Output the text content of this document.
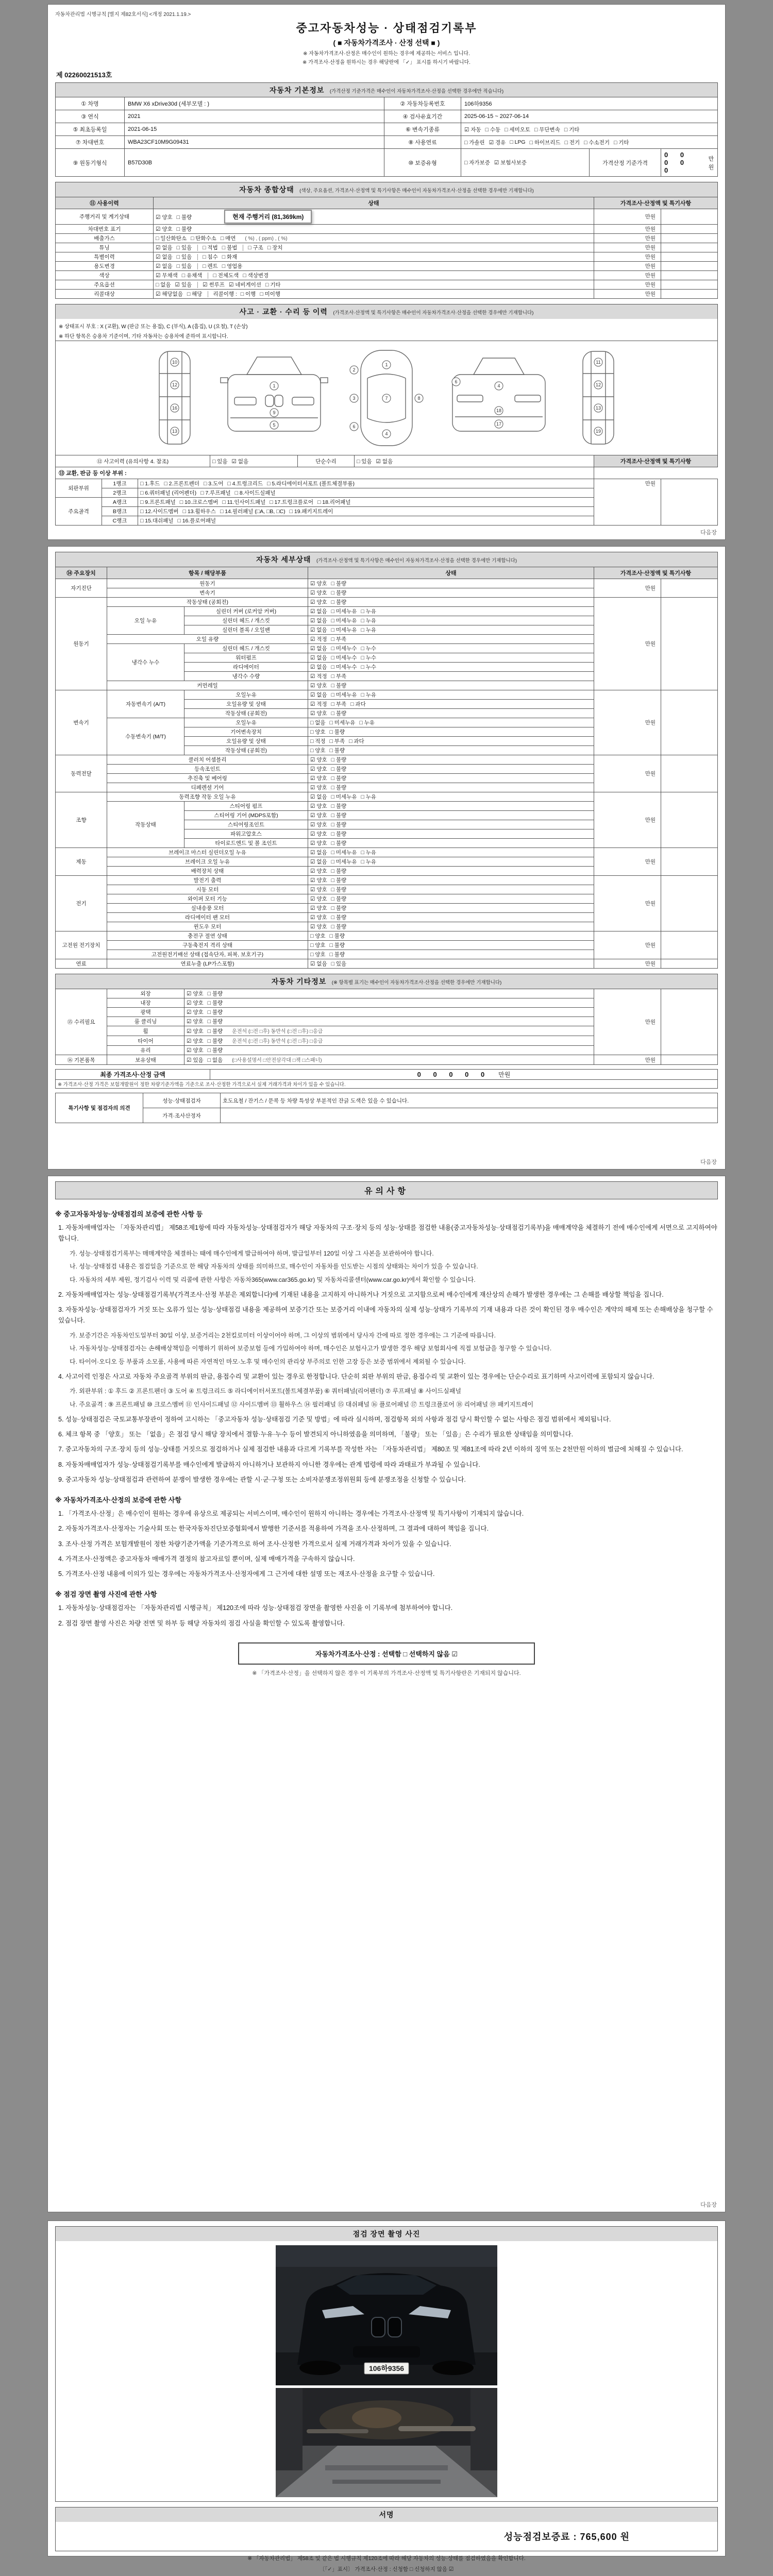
자동차관리법 시행규칙 [별지 제82호서식] <개정 2021.1.19.>
중고자동차성능 · 상태점검기록부
( ■ 자동차가격조사 · 산정 선택 ■ )
※ 자동차가격조사·산정은 매수인이 원하는 경우에 제공하는 서비스 입니다.
※ 가격조사·산정을 원하시는 경우 해당란에 「✓」 표시를 하시기 바랍니다.
제 02260021513호
자동차 기본정보 (가격산정 기준가격은 매수인이 자동차가격조사·산정을 선택한 경우에만 적습니다)
① 차명	BMW X6 xDrive30d (세부모델 : )	② 자동차등록번호	106하9356
③ 연식	2021	④ 검사유효기간	2025-06-15 ~ 2027-06-14
⑤ 최초등록일	2021-06-15	⑥ 변속기종류	☑ 자동 □ 수동 □ 세미오토 □ 무단변속 □ 기타
⑦ 차대번호	WBA23CF10M9G09431	⑧ 사용연료	□ 가솔린 ☑ 경유 □ LPG □ 하이브리드 □ 전기 □ 수소전기 □ 기타
⑨ 원동기형식	B57D30B	⑩ 보증유형	□ 자가보증 ☑ 보험사보증	가격산정 기준가격
0 0 0 0 0
만원
자동차 종합상태 (색상, 주요옵션, 가격조사·산정액 및 특기사항은 매수인이 자동차가격조사·산정을 선택한 경우에만 기재합니다)
⑪ 사용이력	상태	가격조사·산정액 및 특기사항	
주행거리 및 계기상태	☑ 양호 □ 불량 현재 주행거리 (81,369km)	만원	
차대번호 표기	☑ 양호 □ 불량	만원	
배출가스	□ 일산화탄소 □ 탄화수소 □ 매연 ( %) , ( ppm) , ( %)	만원	
튜닝	☑ 없음 □ 있음 □ 적법 □ 불법 □ 구조 □ 장치	만원	
특별이력	☑ 없음 □ 있음 □ 침수 □ 화재	만원	
용도변경	☑ 없음 □ 있음 □ 렌트 □ 영업용	만원	
색상	☑ 무채색 □ 유채색 □ 전체도색 □ 색상변경	만원	
주요옵션	□ 없음 ☑ 있음 ☑ 썬루프 ☑ 네비게이션 □ 기타	만원	
리콜대상	☑ 해당없음 □ 해당 리콜이행 : □ 이행 □ 미이행	만원	
사고 · 교환 · 수리 등 이력 (가격조사·산정액 및 특기사항은 매수인이 자동차가격조사·산정을 선택한 경우에만 기재합니다)
※ 상태표시 부호 : X (교환), W (판금 또는 용접), C (부식), A (흠집), U (요철), T (손상)
※ 하단 항목은 승용차 기준이며, 기타 자동차는 승용차에 준하여 표시합니다.
10
12
16
13
1
9
5
1
7
4
2
3
6
8
4
18
17
6
11
12
13
19
⑫ 사고이력 (유의사항 4. 참조)	□ 있음 ☑ 없음	단순수리	□ 있음 ☑ 없음	가격조사·산정액 및 특기사항
⑬ 교환, 판금 등 이상 부위 :				
외판부위	1랭크	□ 1.후드 □ 2.프론트펜더 □ 3.도어 □ 4.트렁크리드 □ 5.라디에이터서포트 (볼트체결부품)	만원	
	2랭크	□ 6.쿼터패널 (리어펜더) □ 7.루프패널 □ 8.사이드실패널		
주요골격	A랭크	□ 9.프론트패널 □ 10.크로스멤버 □ 11.인사이드패널 □ 17.트렁크플로어 □ 18.리어패널		
	B랭크	□ 12.사이드멤버 □ 13.휠하우스 □ 14.필러패널 (□A, □B, □C) □ 19.패키지트레이		
	C랭크	□ 15.대쉬패널 □ 16.플로어패널		
다음장
자동차 세부상태 (가격조사·산정액 및 특기사항은 매수인이 자동차가격조사·산정을 선택한 경우에만 기재합니다)
⑭ 주요장치	항목 / 해당부품		상태	가격조사·산정액 및 특기사항	
자기진단	원동기		☑ 양호 □ 불량	만원	
	변속기		☑ 양호 □ 불량		
원동기	작동상태 (공회전)		☑ 양호 □ 불량	만원	
	오일 누유	실린더 커버 (로커암 커버)	☑ 없음 □ 미세누유 □ 누유		
		실린더 헤드 / 개스킷	☑ 없음 □ 미세누유 □ 누유		
		실린더 블록 / 오일팬	☑ 없음 □ 미세누유 □ 누유		
	오일 유량		☑ 적정 □ 부족		
	냉각수 누수	실린더 헤드 / 개스킷	☑ 없음 □ 미세누수 □ 누수		
		워터펌프	☑ 없음 □ 미세누수 □ 누수		
		라디에이터	☑ 없음 □ 미세누수 □ 누수		
		냉각수 수량	☑ 적정 □ 부족		
	커먼레일		☑ 양호 □ 불량		
변속기	자동변속기 (A/T)	오일누유	☑ 없음 □ 미세누유 □ 누유	만원	
		오일유량 및 상태	☑ 적정 □ 부족 □ 과다		
		작동상태 (공회전)	☑ 양호 □ 불량		
	수동변속기 (M/T)	오일누유	□ 없음 □ 미세누유 □ 누유		
		기어변속장치	□ 양호 □ 불량		
		오일유량 및 상태	□ 적정 □ 부족 □ 과다		
		작동상태 (공회전)	□ 양호 □ 불량		
동력전달	클러치 어셈블리		☑ 양호 □ 불량	만원	
	등속조인트		☑ 양호 □ 불량		
	추진축 및 베어링		☑ 양호 □ 불량		
	디페렌셜 기어		☑ 양호 □ 불량		
조향	동력조향 작동 오일 누유		☑ 없음 □ 미세누유 □ 누유	만원	
	작동상태	스티어링 펌프	☑ 양호 □ 불량		
		스티어링 기어 (MDPS포함)	☑ 양호 □ 불량		
		스티어링조인트	☑ 양호 □ 불량		
		파워고압호스	☑ 양호 □ 불량		
		타이로드엔드 및 볼 조인트	☑ 양호 □ 불량		
제동	브레이크 마스터 실린더오일 누유		☑ 없음 □ 미세누유 □ 누유	만원	
	브레이크 오일 누유		☑ 없음 □ 미세누유 □ 누유		
	배력장치 상태		☑ 양호 □ 불량		
전기	발전기 출력		☑ 양호 □ 불량	만원	
	시동 모터		☑ 양호 □ 불량		
	와이퍼 모터 기능		☑ 양호 □ 불량		
	실내송풍 모터		☑ 양호 □ 불량		
	라디에이터 팬 모터		☑ 양호 □ 불량		
	윈도우 모터		☑ 양호 □ 불량		
고전원 전기장치	충전구 절연 상태		□ 양호 □ 불량	만원	
	구동축전지 격리 상태		□ 양호 □ 불량		
	고전원전기배선 상태 (접속단자, 피복, 보호기구)		□ 양호 □ 불량		
연료	연료누출 (LP가스포함)		☑ 없음 □ 있음	만원	
자동차 기타정보 (※ 항목별 표기는 매수인이 자동차가격조사·산정을 선택한 경우에만 기재합니다)
⑮ 수리필요	외장	☑ 양호 □ 불량	만원	
	내장	☑ 양호 □ 불량		
	광택	☑ 양호 □ 불량		
	룸 클리닝	☑ 양호 □ 불량		
	휠	☑ 양호 □ 불량 운전석 (□전 □후) 동반석 (□전 □후) □응급		
	타이어	☑ 양호 □ 불량 운전석 (□전 □후) 동반석 (□전 □후) □응급		
	유리	☑ 양호 □ 불량		
⑯ 기본품목	보유상태	☑ 있음 □ 없음 (□사용설명서 □안전삼각대 □잭 □스패너)	만원	
최종 가격조사·산정 금액	0 0 0 0 0 만원
※ 가격조사·산정 가격은 보험개발원이 정한 차량기준가액을 기준으로 조사·산정한 가격으로서 실제 거래가격과 차이가 있을 수 있습니다.
특기사항 및 점검자의 의견	성능·상태점검자	호도요철 / 잔기스 / 문콕 등 차량 특성상 부분적인 잔긁 도색은 있을 수 있습니다.
	가격·조사산정자	
다음장
유의사항
※ 중고자동차성능·상태점검의 보증에 관한 사항 등
1. 자동차매매업자는 「자동차관리법」 제58조제1항에 따라 자동차성능·상태점검자가 해당 자동차의 구조·장치 등의 성능·상태를 점검한 내용(중고자동차성능·상태점검기록부)을 매매계약을 체결하기 전에 매수인에게 서면으로 고지하여야 합니다.
가. 성능·상태점검기록부는 매매계약을 체결하는 때에 매수인에게 발급하여야 하며, 발급일부터 120일 이상 그 사본을 보관하여야 합니다.
나. 성능·상태점검 내용은 점검일을 기준으로 한 해당 자동차의 상태를 의미하므로, 매수인이 자동차를 인도받는 시점의 상태와는 차이가 있을 수 있습니다.
다. 자동차의 세부 제원, 정기검사 이력 및 리콜에 관한 사항은 자동차365(www.car365.go.kr) 및 자동차리콜센터(www.car.go.kr)에서 확인할 수 있습니다.
2. 자동차매매업자는 성능·상태점검기록부(가격조사·산정 부분은 제외합니다)에 기재된 내용을 고지하지 아니하거나 거짓으로 고지함으로써 매수인에게 재산상의 손해가 발생한 경우에는 그 손해를 배상할 책임을 집니다.
3. 자동차성능·상태점검자가 거짓 또는 오류가 있는 성능·상태점검 내용을 제공하여 보증기간 또는 보증거리 이내에 자동차의 실제 성능·상태가 기록부의 기재 내용과 다른 것이 확인된 경우 매수인은 계약의 해제 또는 손해배상을 청구할 수 있습니다.
가. 보증기간은 자동차인도일부터 30일 이상, 보증거리는 2천킬로미터 이상이어야 하며, 그 이상의 범위에서 당사자 간에 따로 정한 경우에는 그 기준에 따릅니다.
나. 자동차성능·상태점검자는 손해배상책임을 이행하기 위하여 보증보험 등에 가입하여야 하며, 매수인은 보험사고가 발생한 경우 해당 보험회사에 직접 보험금을 청구할 수 있습니다.
다. 타이어·오디오 등 부품과 소모품, 사용에 따른 자연적인 마모·노후 및 매수인의 관리상 부주의로 인한 고장 등은 보증 범위에서 제외될 수 있습니다.
4. 사고이력 인정은 사고로 자동차 주요골격 부위의 판금, 용접수리 및 교환이 있는 경우로 한정합니다. 단순히 외판 부위의 판금, 용접수리 및 교환이 있는 경우에는 단순수리로 표기하며 사고이력에 포함되지 않습니다.
가. 외판부위 : ① 후드 ② 프론트펜더 ③ 도어 ④ 트렁크리드 ⑤ 라디에이터서포트(볼트체결부품) ⑥ 쿼터패널(리어펜더) ⑦ 루프패널 ⑧ 사이드실패널
나. 주요골격 : ⑨ 프론트패널 ⑩ 크로스멤버 ⑪ 인사이드패널 ⑫ 사이드멤버 ⑬ 휠하우스 ⑭ 필러패널 ⑮ 대쉬패널 ⑯ 플로어패널 ⑰ 트렁크플로어 ⑱ 리어패널 ⑲ 패키지트레이
5. 성능·상태점검은 국토교통부장관이 정하여 고시하는 「중고자동차 성능·상태점검 기준 및 방법」에 따라 실시하며, 점검항목 외의 사항과 점검 당시 확인할 수 없는 사항은 점검 범위에서 제외됩니다.
6. 체크 항목 중 「양호」 또는 「없음」은 점검 당시 해당 장치에서 결함·누유·누수 등이 발견되지 아니하였음을 의미하며, 「불량」 또는 「있음」은 수리가 필요한 상태임을 의미합니다.
7. 중고자동차의 구조·장치 등의 성능·상태를 거짓으로 점검하거나 실제 점검한 내용과 다르게 기록부를 작성한 자는 「자동차관리법」 제80조 및 제81조에 따라 2년 이하의 징역 또는 2천만원 이하의 벌금에 처해질 수 있습니다.
8. 자동차매매업자가 성능·상태점검기록부를 매수인에게 발급하지 아니하거나 보관하지 아니한 경우에는 관계 법령에 따라 과태료가 부과될 수 있습니다.
9. 중고자동차 성능·상태점검과 관련하여 분쟁이 발생한 경우에는 관할 시·군·구청 또는 소비자분쟁조정위원회 등에 분쟁조정을 신청할 수 있습니다.
※ 자동차가격조사·산정의 보증에 관한 사항
1. 「가격조사·산정」은 매수인이 원하는 경우에 유상으로 제공되는 서비스이며, 매수인이 원하지 아니하는 경우에는 가격조사·산정액 및 특기사항이 기재되지 않습니다.
2. 자동차가격조사·산정자는 기술사회 또는 한국자동차진단보증협회에서 발행한 기준서를 적용하여 가격을 조사·산정하며, 그 결과에 대하여 책임을 집니다.
3. 조사·산정 가격은 보험개발원이 정한 차량기준가액을 기준가격으로 하여 조사·산정한 가격으로서 실제 거래가격과 차이가 있을 수 있습니다.
4. 가격조사·산정액은 중고자동차 매매가격 결정의 참고자료일 뿐이며, 실제 매매가격을 구속하지 않습니다.
5. 가격조사·산정 내용에 이의가 있는 경우에는 자동차가격조사·산정자에게 그 근거에 대한 설명 또는 재조사·산정을 요구할 수 있습니다.
※ 점검 장면 촬영 사진에 관한 사항
1. 자동차성능·상태점검자는 「자동차관리법 시행규칙」 제120조에 따라 성능·상태점검 장면을 촬영한 사진을 이 기록부에 첨부하여야 합니다.
2. 점검 장면 촬영 사진은 차량 전면 및 하부 등 해당 자동차의 점검 사실을 확인할 수 있도록 촬영합니다.
자동차가격조사·산정 : 선택함 □ 선택하지 않음 ☑
※ 「가격조사·산정」을 선택하지 않은 경우 이 기록부의 가격조사·산정액 및 특기사항란은 기재되지 않습니다.
다음장
점검 장면 촬영 사진
106하9356
서명
성능점검보증료 : 765,600 원
※ 「자동차관리법」 제58조 및 같은 법 시행규칙 제120조에 따라 해당 자동차의 성능·상태를 점검하였음을 확인합니다.
〔「✓」표시〕 가격조사·산정 : 신청함 □ 신청하지 않음 ☑
